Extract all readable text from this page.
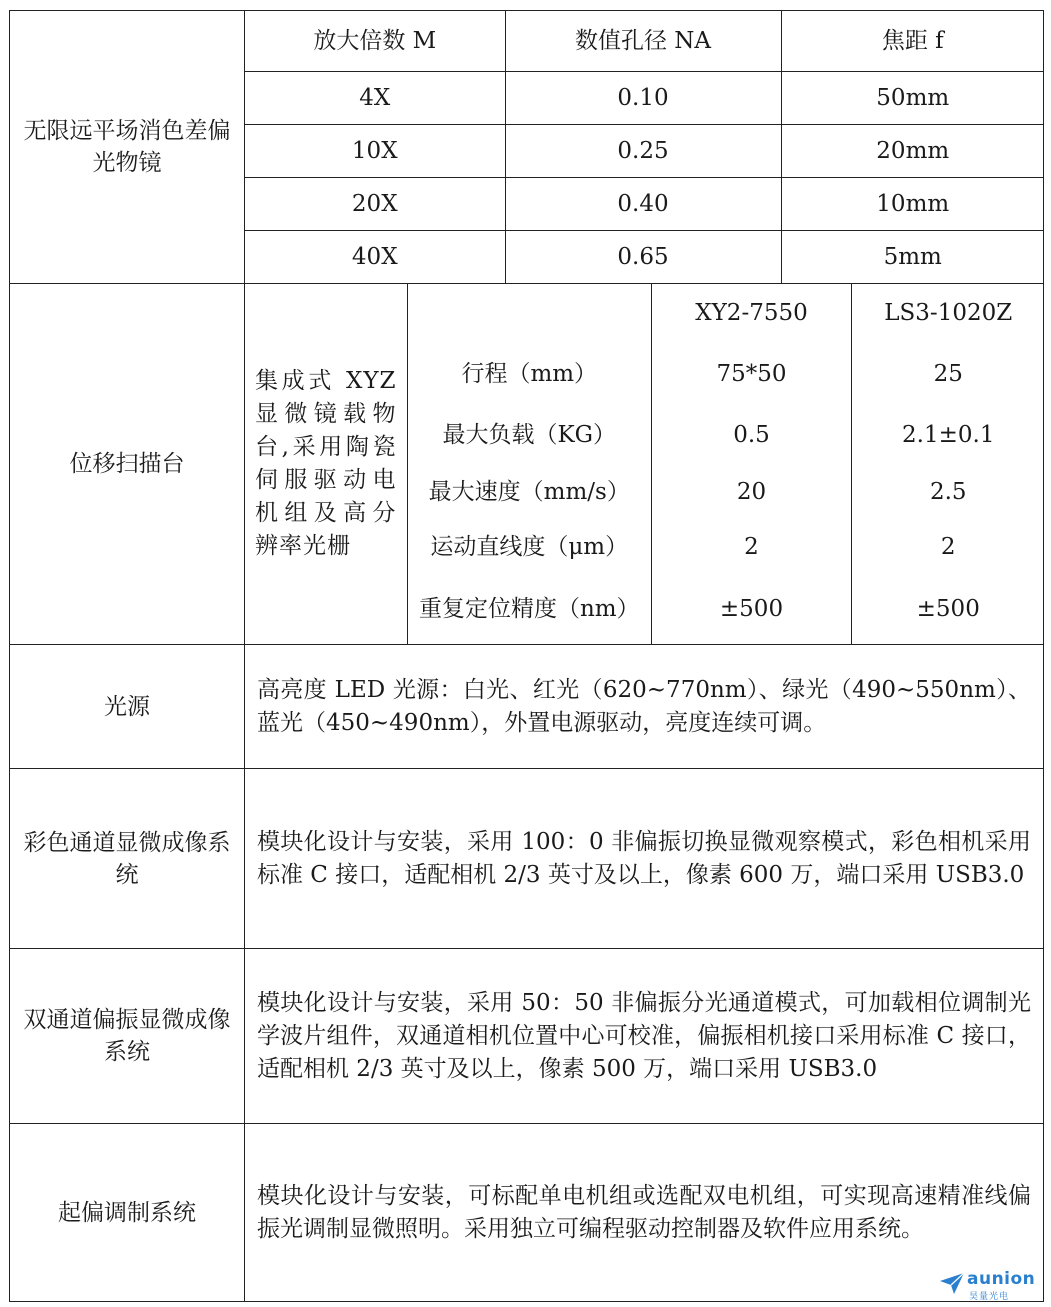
无限远平场消色差偏光物镜	
放大倍数 M	数值孔径 NA	焦距 f
4X	0.10	50mm
10X	0.25	20mm
20X	0.40	10mm
40X	0.65	5mm

位移扫描台	
集成式 XYZ 显微镜载物台,采用陶瓷伺服驱动电机组及高分辨率光栅	
	XY2-7550	LS3-1020Z
行程（mm）	75*50	25
最大负载（KG）	0.5	2.1±0.1
最大速度（mm/s）	20	2.5
运动直线度（μm）	2	2
重复定位精度（nm）	±500	±500

光源	高亮度 LED 光源：白光、红光（620~770nm）、绿光（490~550nm）、蓝光（450~490nm），外置电源驱动，亮度连续可调。
彩色通道显微成像系统	模块化设计与安装，采用 100：0 非偏振切换显微观察模式，彩色相机采用标准 C 接口，适配相机 2/3 英寸及以上，像素 600 万，端口采用 USB3.0
双通道偏振显微成像系统	模块化设计与安装，采用 50：50 非偏振分光通道模式，可加载相位调制光学波片组件，双通道相机位置中心可校准，偏振相机接口采用标准 C 接口，适配相机 2/3 英寸及以上，像素 500 万，端口采用 USB3.0
起偏调制系统	模块化设计与安装，可标配单电机组或选配双电机组，可实现高速精准线偏振光调制显微照明。采用独立可编程驱动控制器及软件应用系统。
aunion
昊量光电
